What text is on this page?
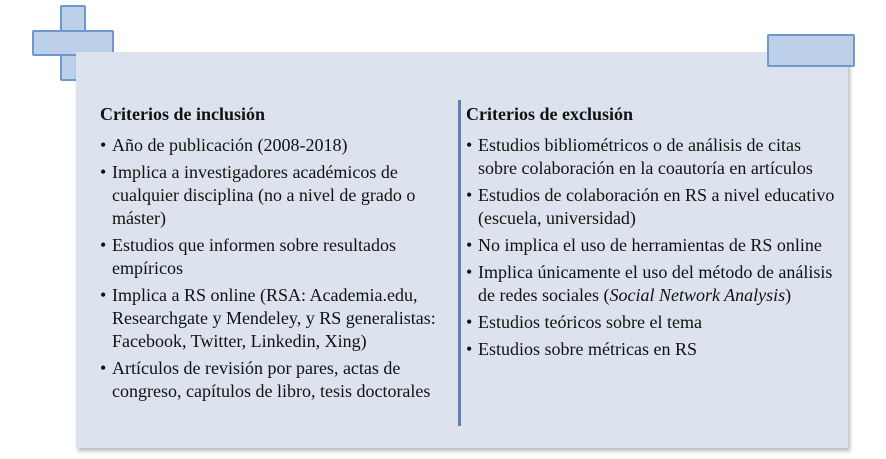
Criterios de inclusión
• Año de publicación (2008-2018)
• Implica a investigadores académicos de cualquier disciplina (no a nivel de grado o máster)
• Estudios que informen sobre resultados empíricos
• Implica a RS online (RSA: Academia.edu, Researchgate y Mendeley, y RS generalistas: Facebook, Twitter, Linkedin, Xing)
• Artículos de revisión por pares, actas de congreso, capítulos de libro, tesis doctorales
Criterios de exclusión
• Estudios bibliométricos o de análisis de citas sobre colaboración en la coautoría en artículos
• Estudios de colaboración en RS a nivel educativo (escuela, universidad)
• No implica el uso de herramientas de RS online
• Implica únicamente el uso del método de análisis de redes sociales (Social Network Analysis)
• Estudios teóricos sobre el tema
• Estudios sobre métricas en RS
